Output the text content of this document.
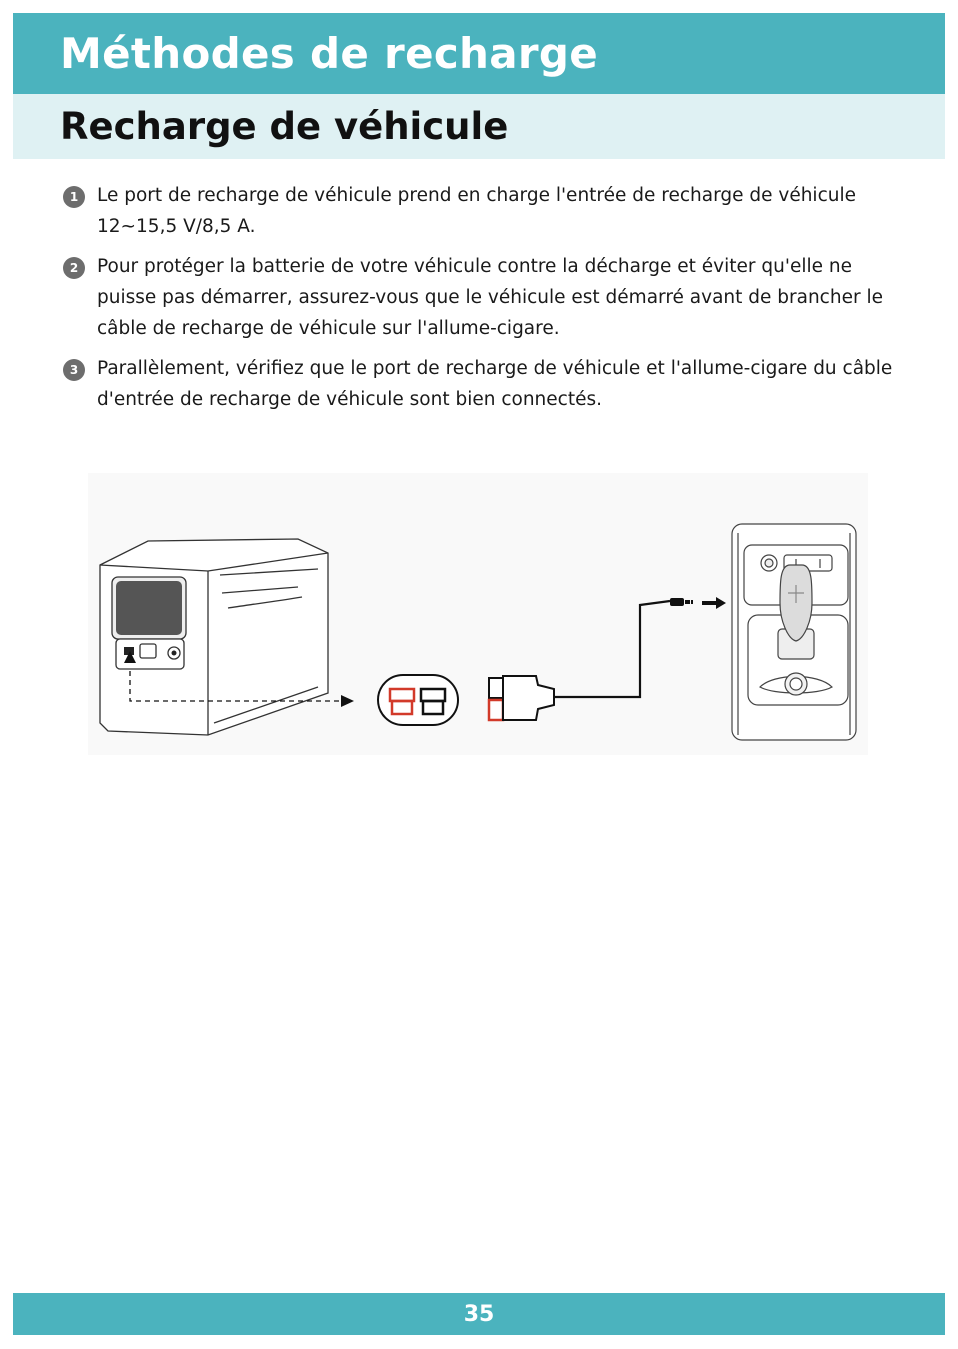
Méthodes de recharge
Recharge de véhicule
1	Le port de recharge de véhicule prend en charge l'entrée de recharge de véhicule 12~15,5 V/8,5 A.
2	Pour protéger la batterie de votre véhicule contre la décharge et éviter qu'elle ne puisse pas démarrer, assurez-vous que le véhicule est démarré avant de brancher le câble de recharge de véhicule sur l'allume-cigare.
3	Parallèlement, vérifiez que le port de recharge de véhicule et l'allume-cigare du câble d'entrée de recharge de véhicule sont bien connectés.
35
